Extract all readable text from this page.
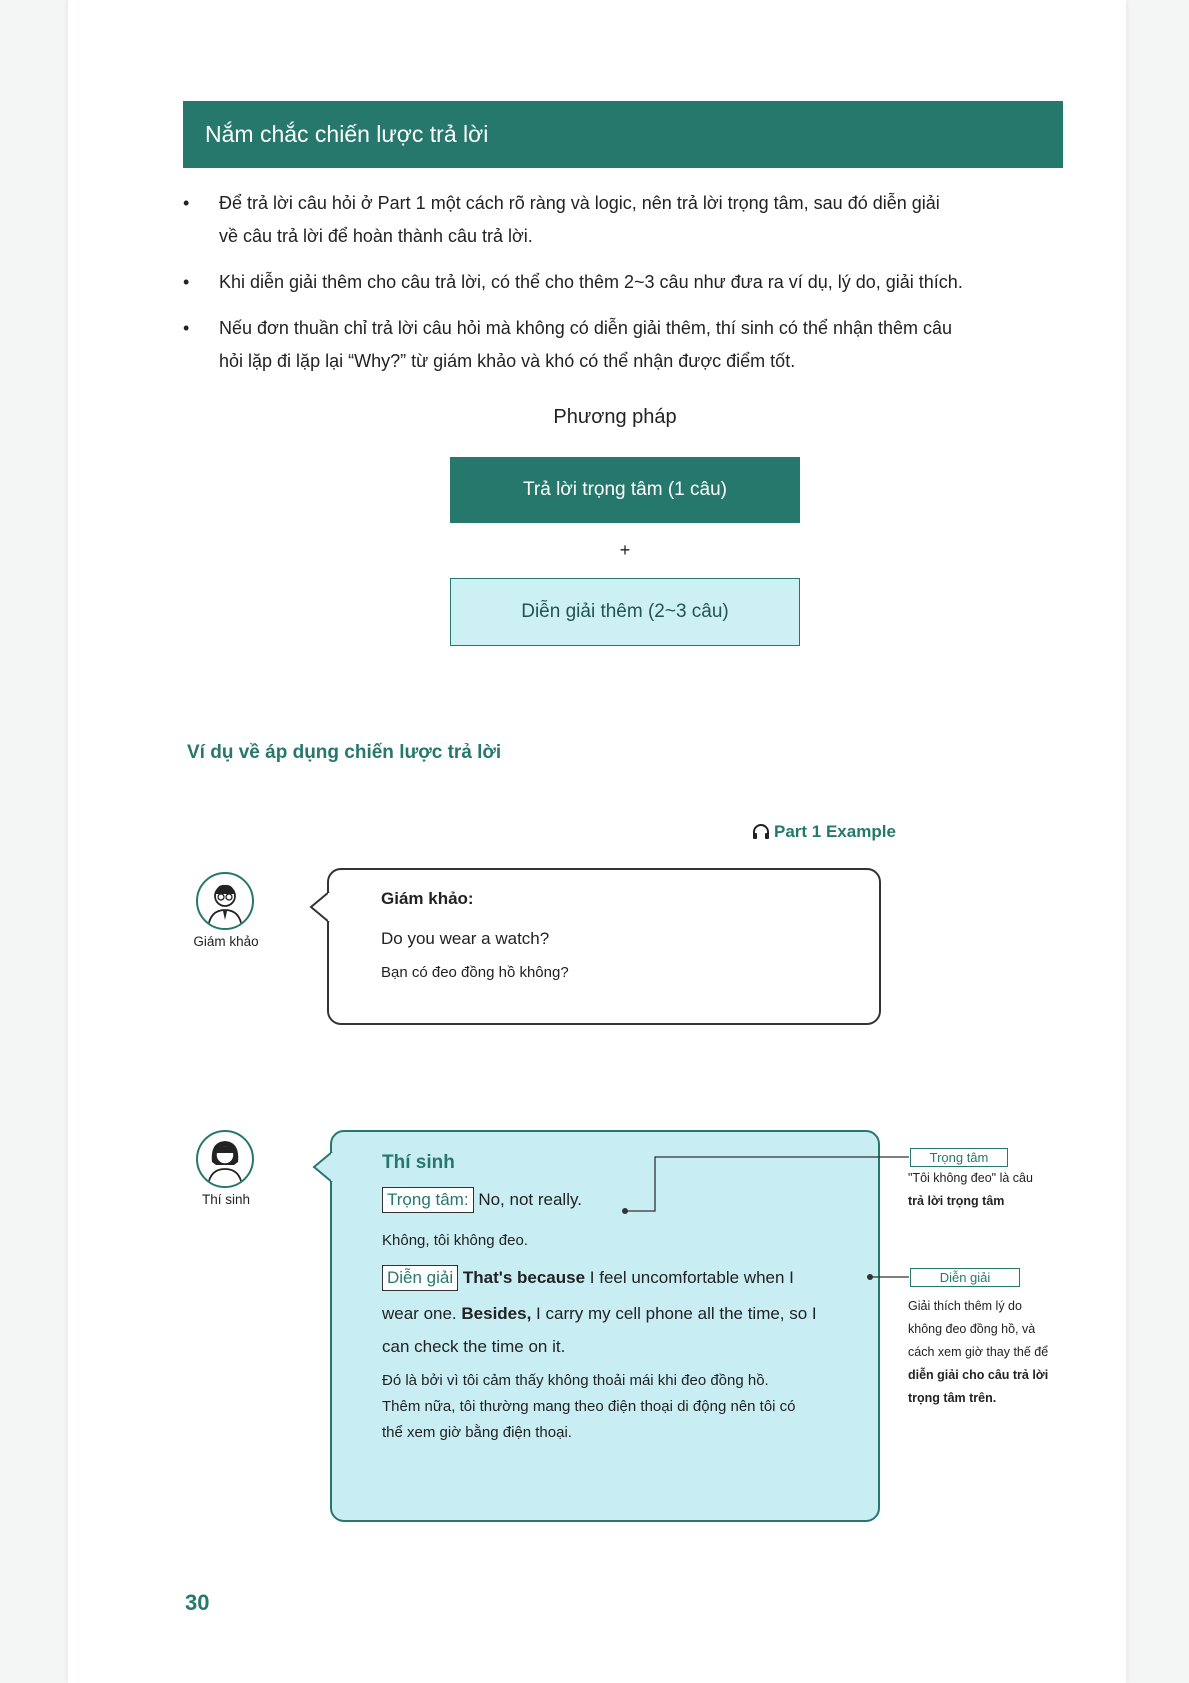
Nắm chắc chiến lược trả lời
• Để trả lời câu hỏi ở Part 1 một cách rõ ràng và logic, nên trả lời trọng tâm, sau đó diễn giải
về câu trả lời để hoàn thành câu trả lời.
• Khi diễn giải thêm cho câu trả lời, có thể cho thêm 2~3 câu như đưa ra ví dụ, lý do, giải thích.
• Nếu đơn thuần chỉ trả lời câu hỏi mà không có diễn giải thêm, thí sinh có thể nhận thêm câu
hỏi lặp đi lặp lại “Why?” từ giám khảo và khó có thể nhận được điểm tốt.
Phương pháp
Trả lời trọng tâm (1 câu)
+
Diễn giải thêm (2~3 câu)
Ví dụ về áp dụng chiến lược trả lời
Part 1 Example
Giám khảo
Giám khảo:
Do you wear a watch?
Bạn có đeo đồng hồ không?
Thí sinh
Thí sinh
Trọng tâm: No, not really.
Không, tôi không đeo.
Diễn giải That's because I feel uncomfortable when I
wear one. Besides, I carry my cell phone all the time, so I
can check the time on it.
Đó là bởi vì tôi cảm thấy không thoải mái khi đeo đồng hồ.
Thêm nữa, tôi thường mang theo điện thoại di động nên tôi có
thể xem giờ bằng điện thoại.
Trọng tâm
"Tôi không đeo" là câu
trả lời trọng tâm
Diễn giải
Giải thích thêm lý do
không đeo đồng hồ, và
cách xem giờ thay thế để
diễn giải cho câu trả lời
trọng tâm trên.
30
